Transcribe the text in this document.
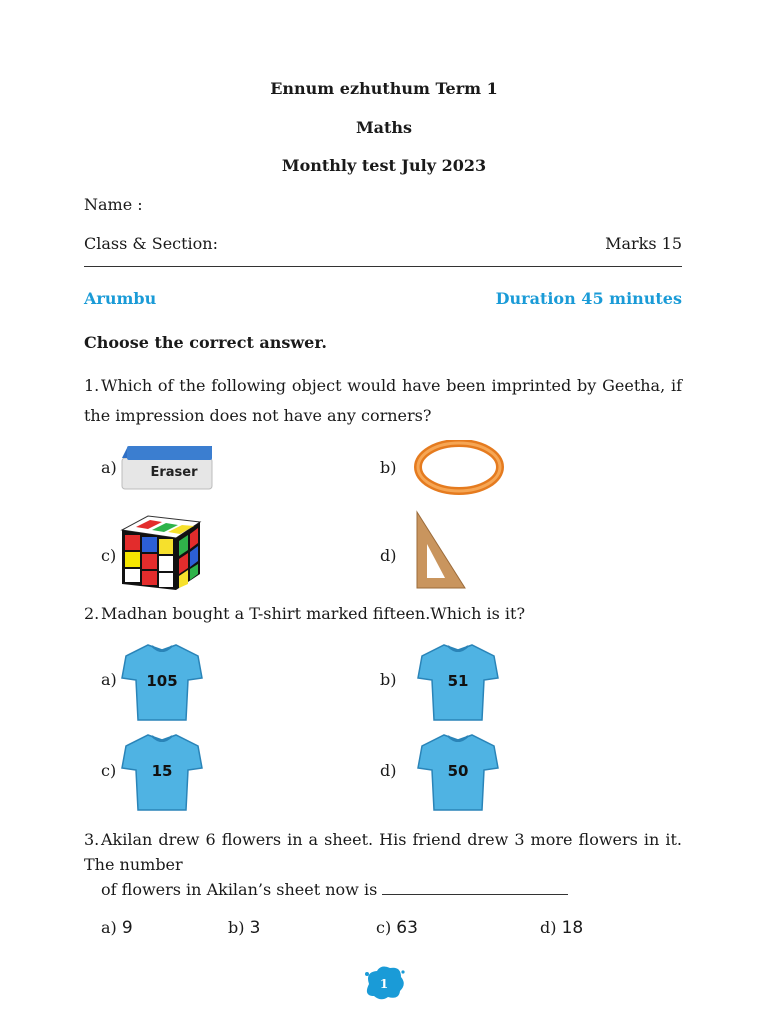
Ennum ezhuthum Term 1
Maths
Monthly test July 2023
Name :
Class & Section:	Marks 15
Arumbu	Duration 45 minutes
Choose the correct answer.
1. Which of the following object would have been imprinted by Geetha, if the impression does not have any corners?
a)	Eraser	b)
c)	d)
2. Madhan bought a T-shirt marked fifteen.Which is it?
a) 105	b)	51
c) 15	d)	50
3. Akilan drew 6 flowers in a sheet. His friend drew 3 more flowers in it. The number
of flowers in Akilan’s sheet now is
a) 9	b) 3	c) 63	d) 18
1
